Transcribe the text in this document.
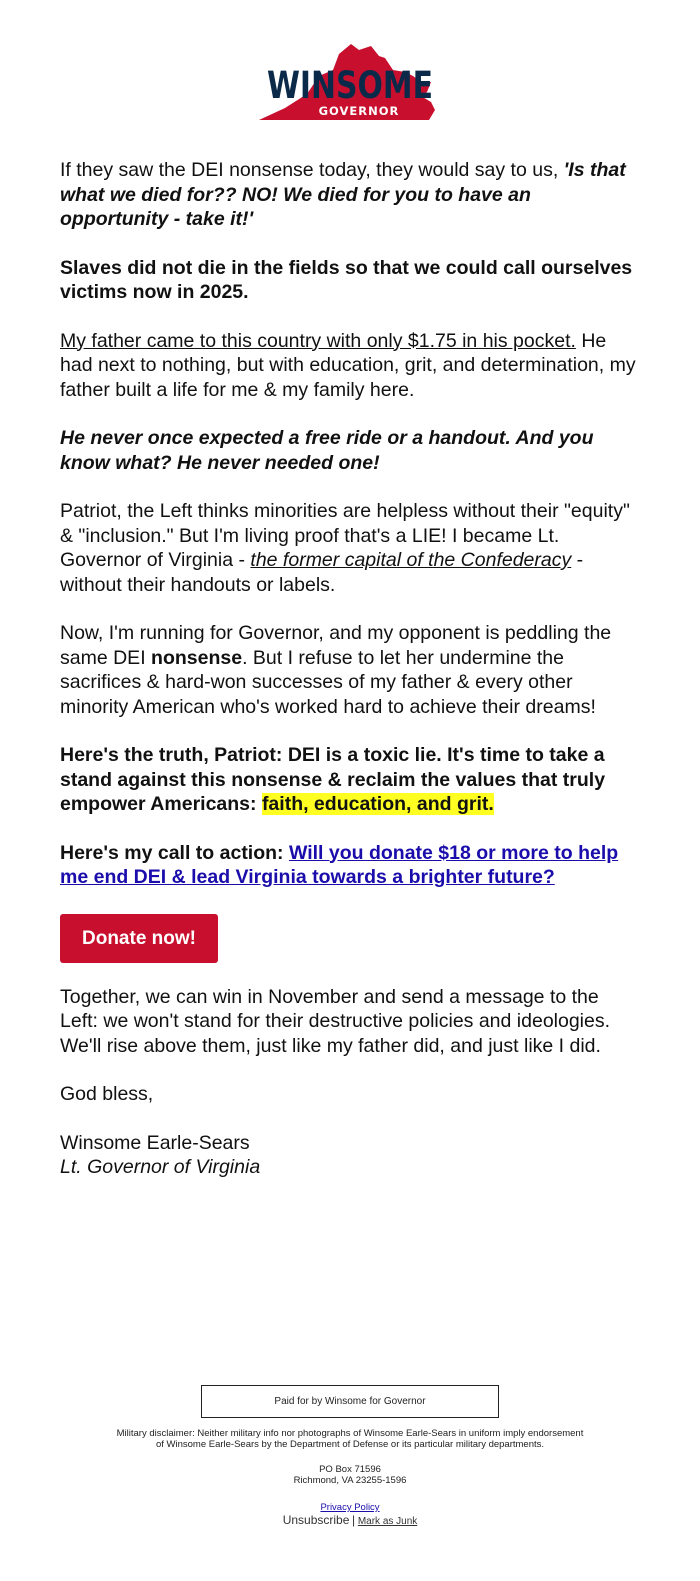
WINSOME
GOVERNOR

If they saw the DEI nonsense today, they would say to us, 'Is that what we died for?? NO! We died for you to have an opportunity - take it!'

Slaves did not die in the fields so that we could call ourselves victims now in 2025.

My father came to this country with only $1.75 in his pocket. He had next to nothing, but with education, grit, and determination, my father built a life for me & my family here.

He never once expected a free ride or a handout. And you know what? He never needed one!

Patriot, the Left thinks minorities are helpless without their "equity" & "inclusion." But I'm living proof that's a LIE! I became Lt. Governor of Virginia - the former capital of the Confederacy - without their handouts or labels.

Now, I'm running for Governor, and my opponent is peddling the same DEI nonsense. But I refuse to let her undermine the sacrifices & hard-won successes of my father & every other minority American who's worked hard to achieve their dreams!

Here's the truth, Patriot: DEI is a toxic lie. It's time to take a stand against this nonsense & reclaim the values that truly empower Americans: faith, education, and grit.

Here's my call to action: Will you donate $18 or more to help me end DEI & lead Virginia towards a brighter future?

Donate now!

Together, we can win in November and send a message to the Left: we won't stand for their destructive policies and ideologies. We'll rise above them, just like my father did, and just like I did.

God bless,

Winsome Earle-Sears
Lt. Governor of Virginia
Paid for by Winsome for Governor
Military disclaimer: Neither military info nor photographs of Winsome Earle-Sears in uniform imply endorsement
of Winsome Earle-Sears by the Department of Defense or its particular military departments.
PO Box 71596
Richmond, VA 23255-1596
Privacy Policy
Unsubscribe | Mark as Junk
